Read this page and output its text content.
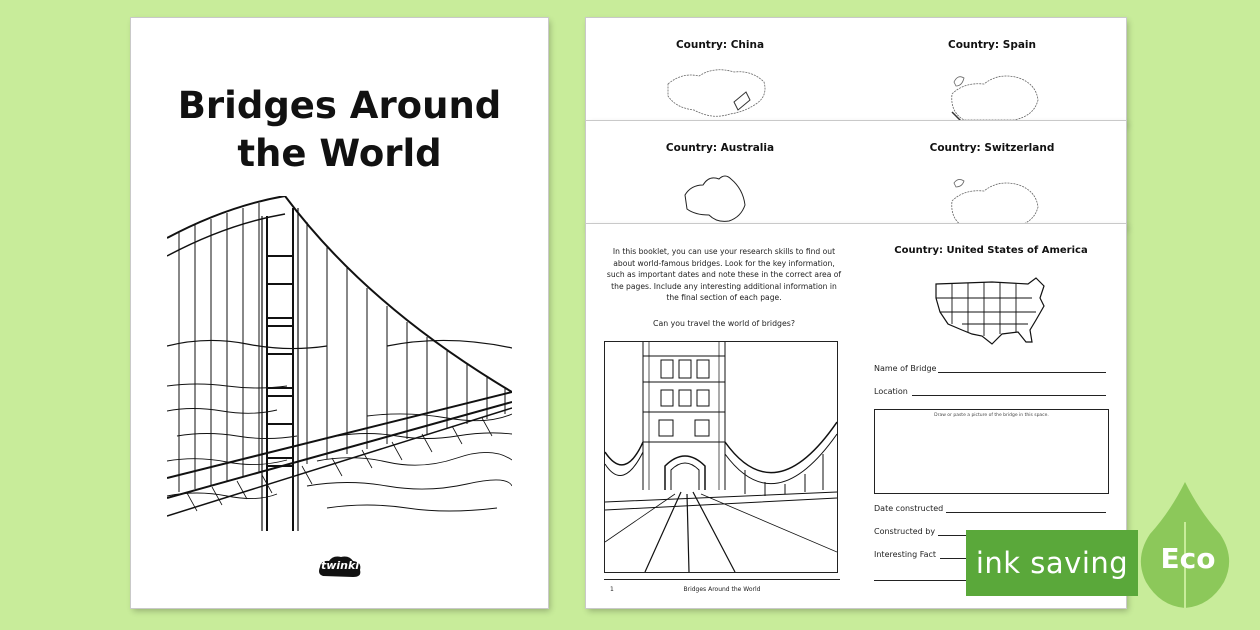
Bridges Around
the World
twinkl
Country: China	Country: Spain
Country: Australia	Country: Switzerland

In this booklet, you can use your research skills to find out about world-famous bridges. Look for the key information, such as important dates and note these in the correct area of the pages. Include any interesting additional information in the final section of each page.

Can you travel the world of bridges?
1	Bridges Around the World
Country: United States of America
Name of Bridge
Location
Draw or paste a picture of the bridge in this space.
Date constructed
Constructed by
Interesting Fact ink saving	Eco
